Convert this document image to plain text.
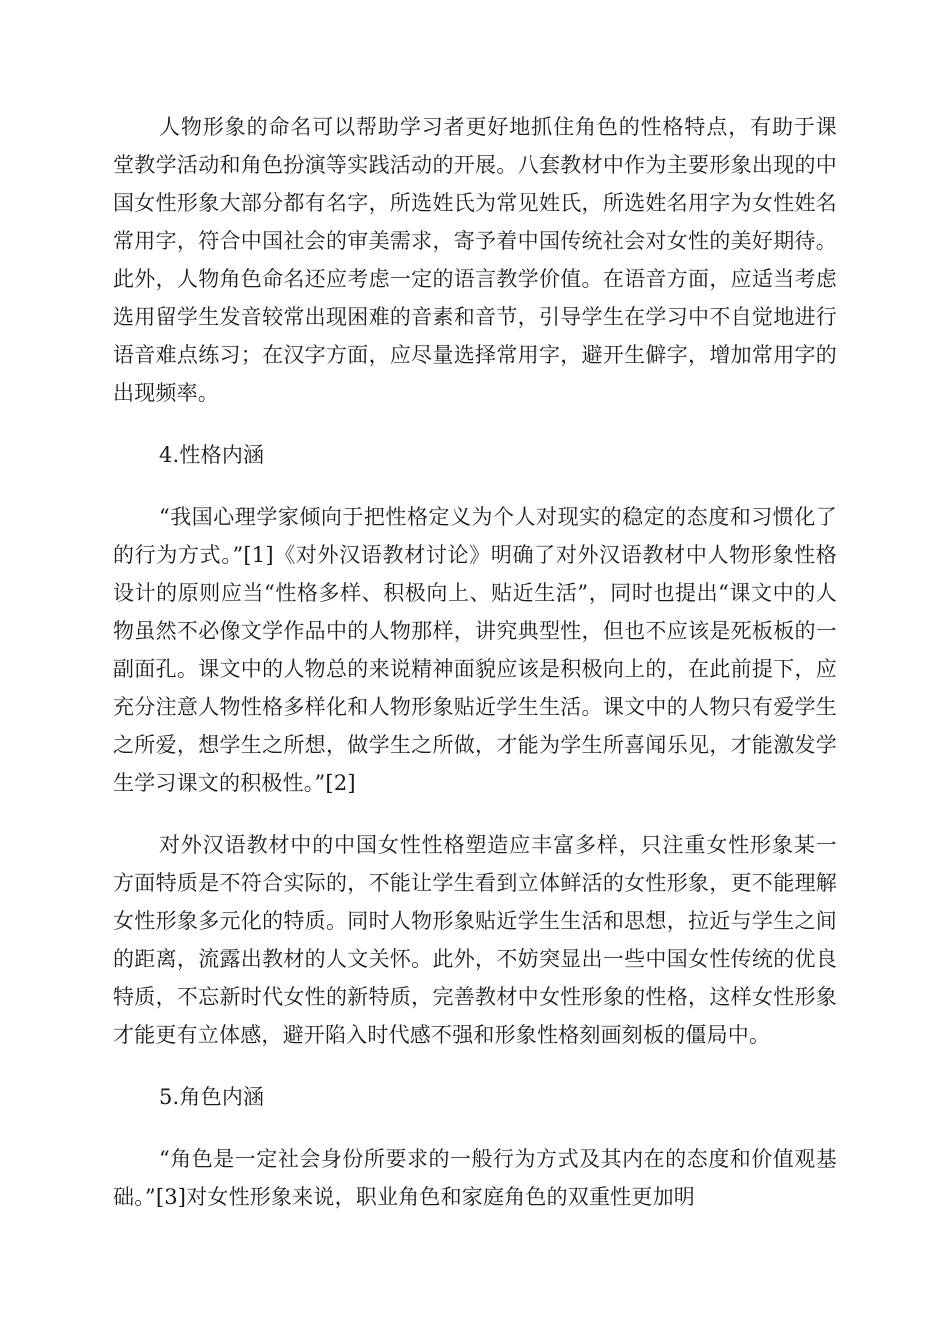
人物形象的命名可以帮助学习者更好地抓住角色的性格特点，有助于课堂教学活动和角色扮演等实践活动的开展。八套教材中作为主要形象出现的中国女性形象大部分都有名字，所选姓氏为常见姓氏，所选姓名用字为女性姓名常用字，符合中国社会的审美需求，寄予着中国传统社会对女性的美好期待。此外，人物角色命名还应考虑一定的语言教学价值。在语音方面，应适当考虑选用留学生发音较常出现困难的音素和音节，引导学生在学习中不自觉地进行语音难点练习；在汉字方面，应尽量选择常用字，避开生僻字，增加常用字的出现频率。

4.性格内涵

“我国心理学家倾向于把性格定义为个人对现实的稳定的态度和习惯化了的行为方式。”[1]《对外汉语教材讨论》明确了对外汉语教材中人物形象性格设计的原则应当“性格多样、积极向上、贴近生活”，同时也提出“课文中的人物虽然不必像文学作品中的人物那样，讲究典型性，但也不应该是死板板的一副面孔。课文中的人物总的来说精神面貌应该是积极向上的，在此前提下，应充分注意人物性格多样化和人物形象贴近学生生活。课文中的人物只有爱学生之所爱，想学生之所想，做学生之所做，才能为学生所喜闻乐见，才能激发学生学习课文的积极性。”[2]

对外汉语教材中的中国女性性格塑造应丰富多样，只注重女性形象某一方面特质是不符合实际的，不能让学生看到立体鲜活的女性形象，更不能理解女性形象多元化的特质。同时人物形象贴近学生生活和思想，拉近与学生之间的距离，流露出教材的人文关怀。此外，不妨突显出一些中国女性传统的优良特质，不忘新时代女性的新特质，完善教材中女性形象的性格，这样女性形象才能更有立体感，避开陷入时代感不强和形象性格刻画刻板的僵局中。

5.角色内涵

“角色是一定社会身份所要求的一般行为方式及其内在的态度和价值观基础。”[3]对女性形象来说，职业角色和家庭角色的双重性更加明
